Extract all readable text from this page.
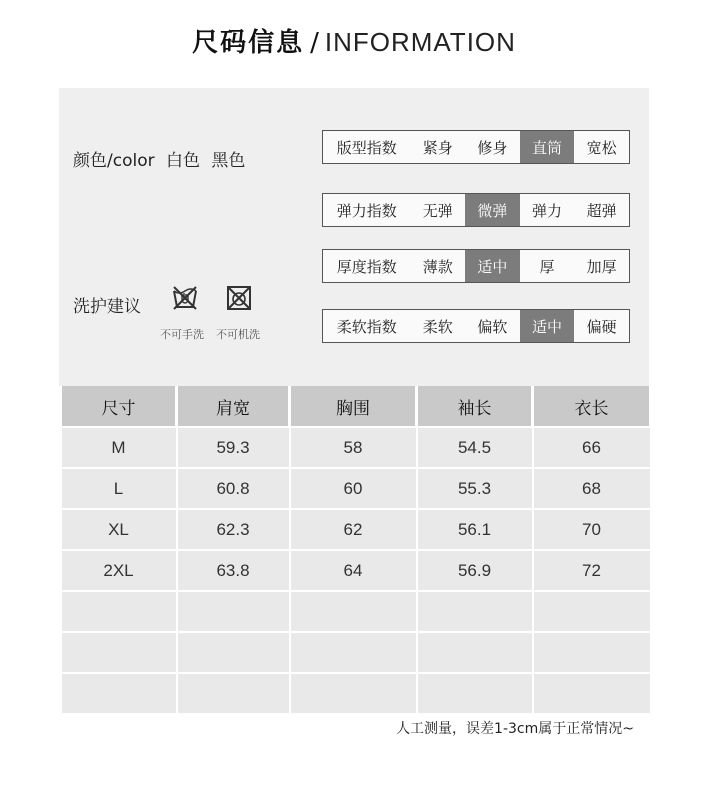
尺码信息 / INFORMATION
颜色/color 白色 黑色
洗护建议
不可手洗 不可机洗
版型指数	紧身	修身	直筒	宽松
弹力指数	无弹	微弹	弹力	超弹
厚度指数	薄款	适中	厚	加厚
柔软指数	柔软	偏软	适中	偏硬
尺寸	肩宽	胸围	袖长	衣长
M	59.3	58	54.5	66
L	60.8	60	55.3	68
XL	62.3	62	56.1	70
2XL	63.8	64	56.9	72

人工测量，误差1-3cm属于正常情况~
